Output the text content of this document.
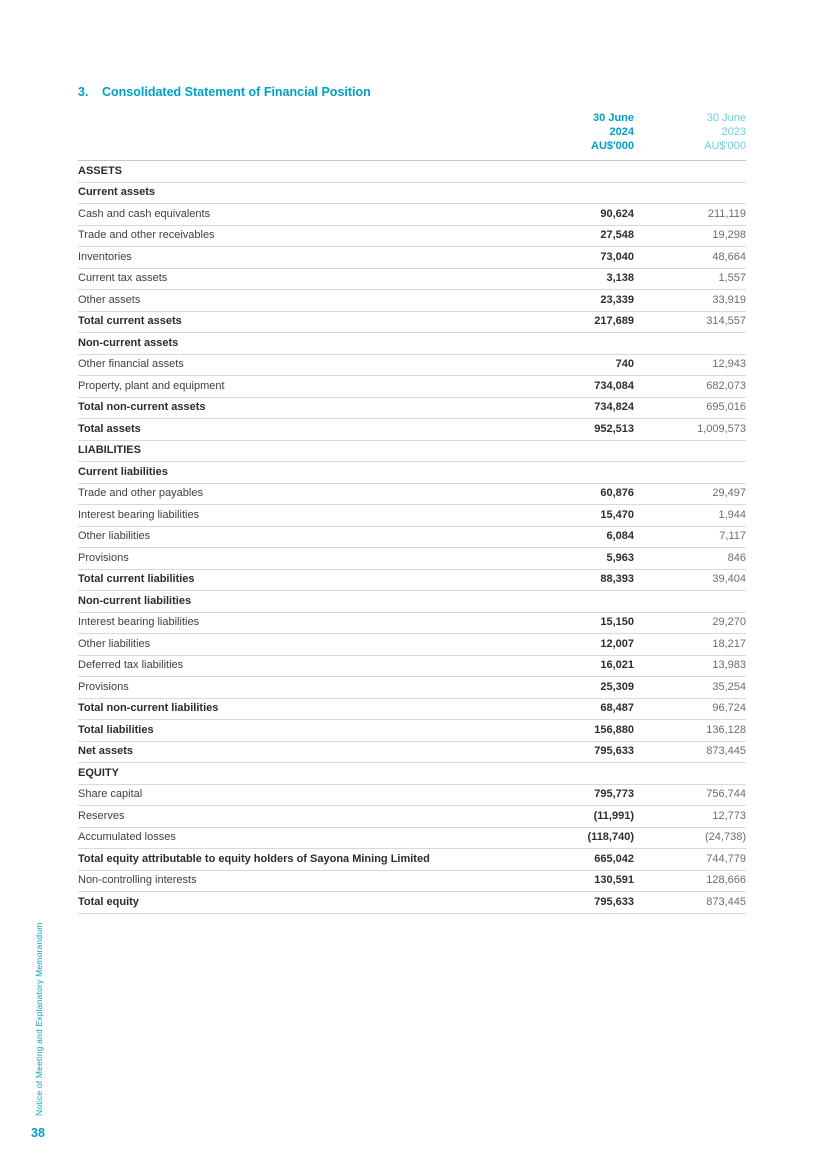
Notice of Meeting and Explanatory Memorandum
38
3.	Consolidated Statement of Financial Position

30 June
2024
AU$'000

30 June
2023
AU$'000

ASSETS		
Current assets		
Cash and cash equivalents	90,624	211,119
Trade and other receivables	27,548	19,298
Inventories	73,040	48,664
Current tax assets	3,138	1,557
Other assets	23,339	33,919
Total current assets	217,689	314,557
Non-current assets		
Other financial assets	740	12,943
Property, plant and equipment	734,084	682,073
Total non-current assets	734,824	695,016
Total assets	952,513	1,009,573
LIABILITIES		
Current liabilities		
Trade and other payables	60,876	29,497
Interest bearing liabilities	15,470	1,944
Other liabilities	6,084	7,117
Provisions	5,963	846
Total current liabilities	88,393	39,404
Non-current liabilities		
Interest bearing liabilities	15,150	29,270
Other liabilities	12,007	18,217
Deferred tax liabilities	16,021	13,983
Provisions	25,309	35,254
Total non-current liabilities	68,487	96,724
Total liabilities	156,880	136,128
Net assets	795,633	873,445
EQUITY		
Share capital	795,773	756,744
Reserves	(11,991)	12,773
Accumulated losses	(118,740)	(24,738)
Total equity attributable to equity holders of Sayona Mining Limited	665,042	744,779
Non-controlling interests	130,591	128,666
Total equity	795,633	873,445
